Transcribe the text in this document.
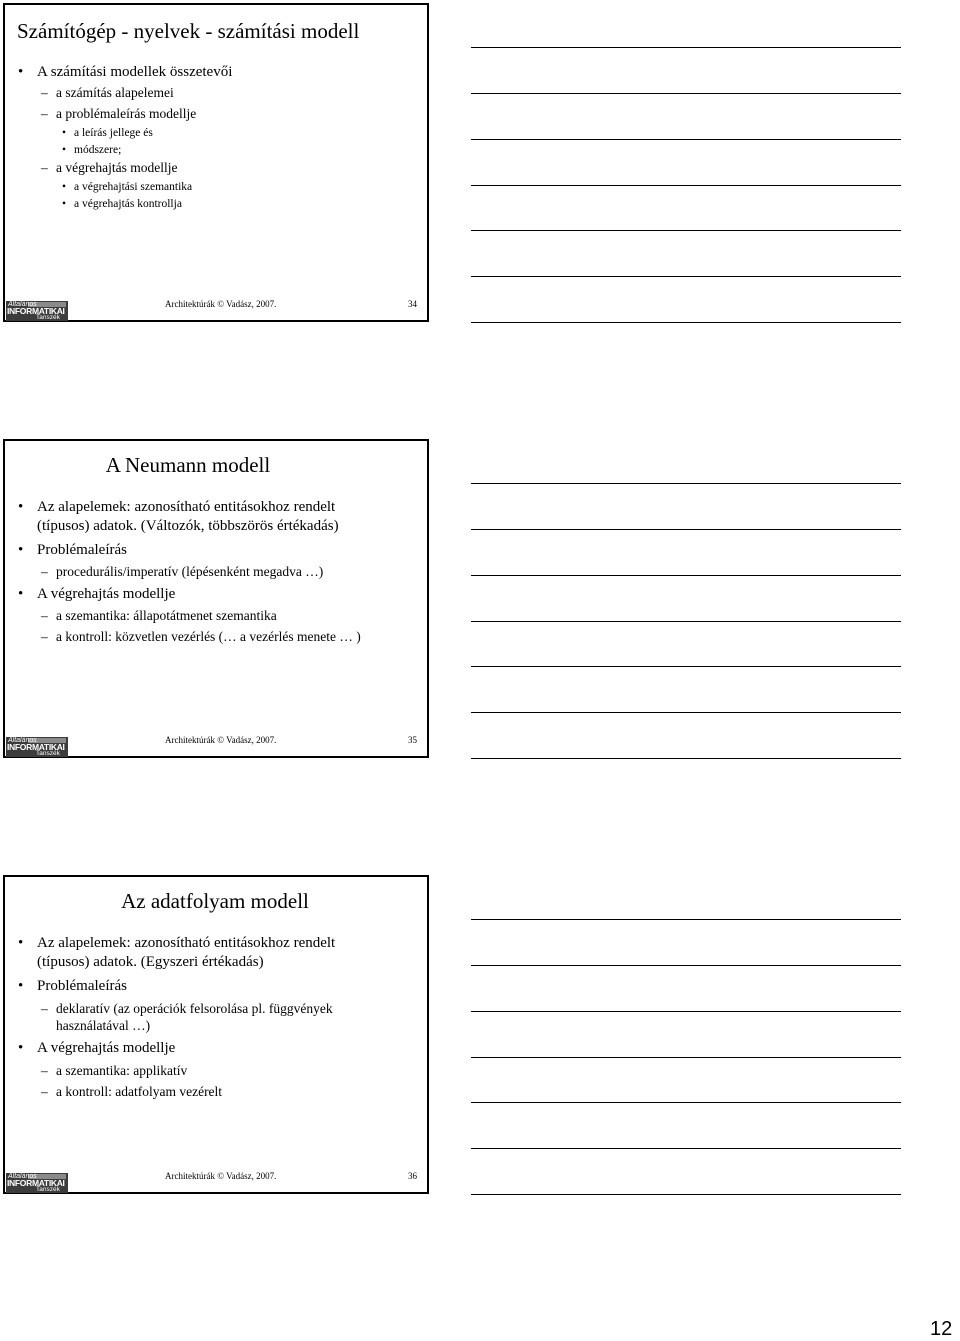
Számítógép - nyelvek - számítási modell
•
A számítási modellek összetevői
–
a számítás alapelemei
–
a problémaleírás modellje
•
a leírás jellege és
•
módszere;
–
a végrehajtás modellje
•
a végrehajtási szemantika
•
a végrehajtás kontrollja
Általános
INFORMATIKAI
Tanszék
Architektúrák © Vadász, 2007.	34
A Neumann modell
•
Az alapelemek: azonosítható entitásokhoz rendelt
(típusos) adatok. (Változók, többszörös értékadás)
•
Problémaleírás
–
procedurális/imperatív (lépésenként megadva …)
•
A végrehajtás modellje
–
a szemantika: állapotátmenet szemantika
–
a kontroll: közvetlen vezérlés (… a vezérlés menete … )
Általános
INFORMATIKAI
Tanszék
Architektúrák © Vadász, 2007.	35
Az adatfolyam modell
•
Az alapelemek: azonosítható entitásokhoz rendelt
(típusos) adatok. (Egyszeri értékadás)
•
Problémaleírás
–
deklaratív (az operációk felsorolása pl. függvények
használatával …)
•
A végrehajtás modellje
–
a szemantika: applikatív
–
a kontroll: adatfolyam vezérelt
Általános
INFORMATIKAI
Tanszék
Architektúrák © Vadász, 2007.	36
12
